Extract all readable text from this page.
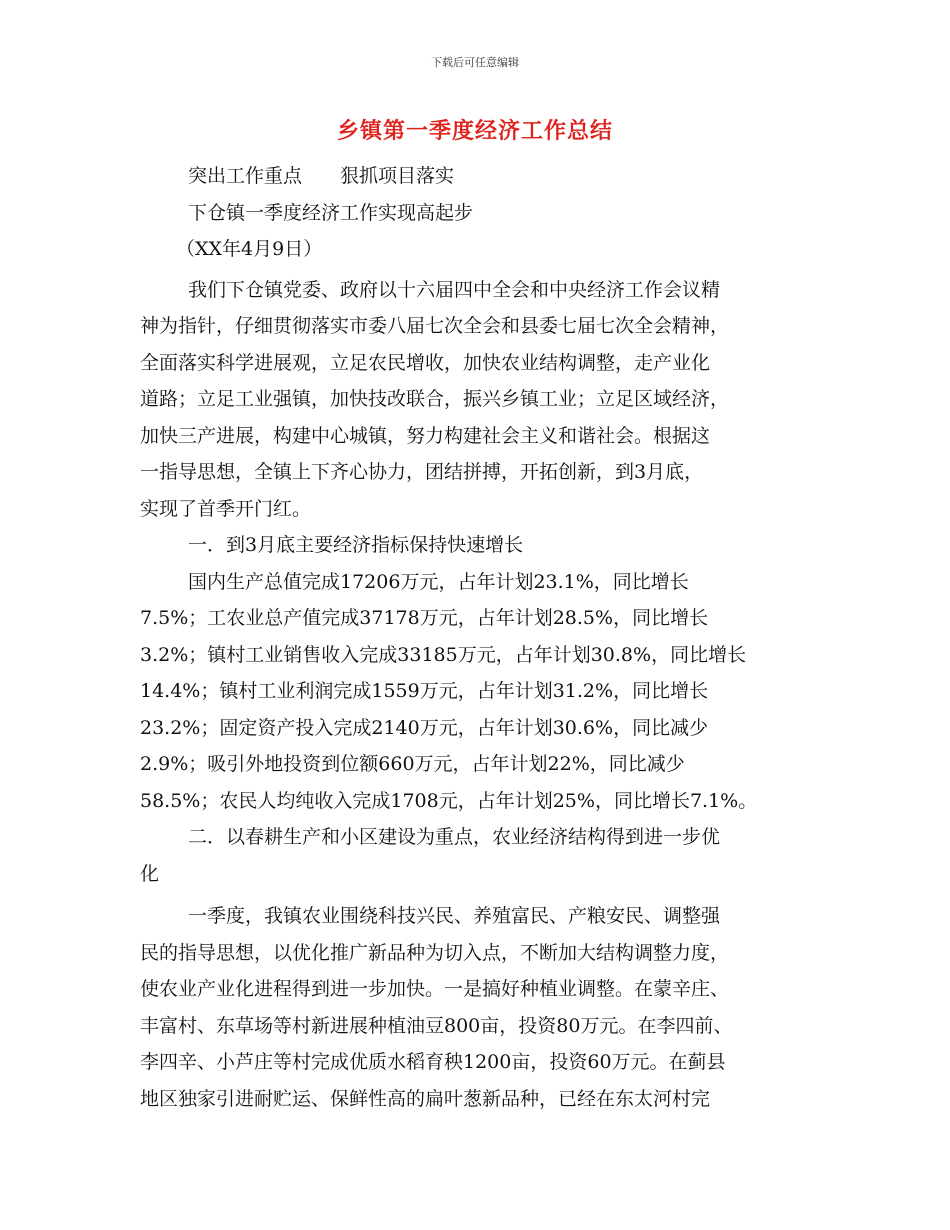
下载后可任意编辑
乡镇第一季度经济工作总结
突出工作重点 狠抓项目落实
下仓镇一季度经济工作实现高起步
（XX年4月9日）
我们下仓镇党委、政府以十六届四中全会和中央经济工作会议精
神为指针，仔细贯彻落实市委八届七次全会和县委七届七次全会精神，
全面落实科学进展观，立足农民增收，加快农业结构调整，走产业化
道路；立足工业强镇，加快技改联合，振兴乡镇工业；立足区域经济，
加快三产进展，构建中心城镇，努力构建社会主义和谐社会。根据这
一指导思想，全镇上下齐心协力，团结拼搏，开拓创新，到3月底，
实现了首季开门红。
一．到3月底主要经济指标保持快速增长
国内生产总值完成17206万元，占年计划23.1%，同比增长
7.5%；工农业总产值完成37178万元，占年计划28.5%，同比增长
3.2%；镇村工业销售收入完成33185万元，占年计划30.8%，同比增长
14.4%；镇村工业利润完成1559万元，占年计划31.2%，同比增长
23.2%；固定资产投入完成2140万元，占年计划30.6%，同比减少
2.9%；吸引外地投资到位额660万元，占年计划22%，同比减少
58.5%；农民人均纯收入完成1708元，占年计划25%，同比增长7.1%。
二．以春耕生产和小区建设为重点，农业经济结构得到进一步优
化
一季度，我镇农业围绕科技兴民、养殖富民、产粮安民、调整强
民的指导思想，以优化推广新品种为切入点，不断加大结构调整力度，
使农业产业化进程得到进一步加快。一是搞好种植业调整。在蒙辛庄、
丰富村、东草场等村新进展种植油豆800亩，投资80万元。在李四前、
李四辛、小芦庄等村完成优质水稻育秧1200亩，投资60万元。在蓟县
地区独家引进耐贮运、保鲜性高的扁叶葱新品种，已经在东太河村完
